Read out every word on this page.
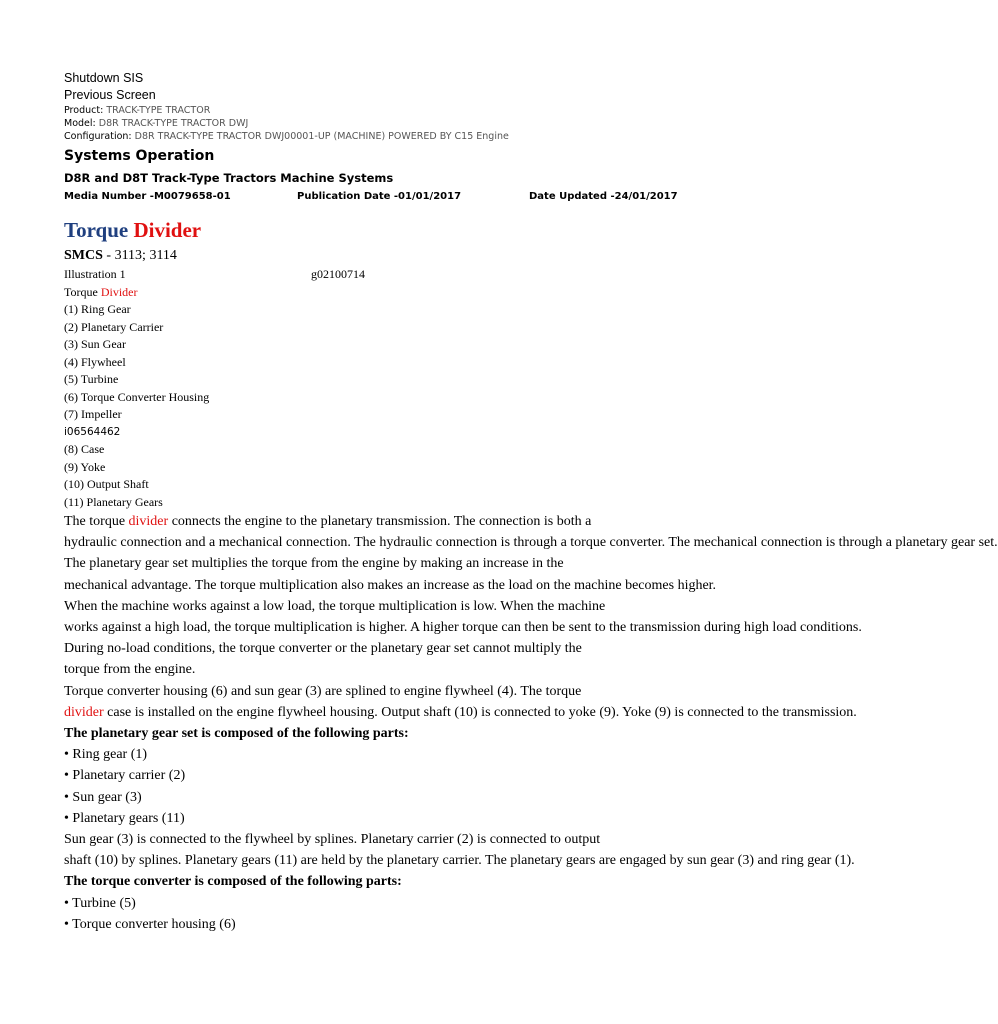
Shutdown SIS
Previous Screen
Product: TRACK-TYPE TRACTOR
Model: D8R TRACK-TYPE TRACTOR DWJ
Configuration: D8R TRACK-TYPE TRACTOR DWJ00001-UP (MACHINE) POWERED BY C15 Engine
Systems Operation
D8R and D8T Track-Type Tractors Machine Systems
Media Number -M0079658-01	Publication Date -01/01/2017	Date Updated -24/01/2017
Torque Divider
SMCS - 3113; 3114
Illustration 1	g02100714
Torque Divider
(1) Ring Gear
(2) Planetary Carrier
(3) Sun Gear
(4) Flywheel
(5) Turbine
(6) Torque Converter Housing
(7) Impeller
i06564462
(8) Case
(9) Yoke
(10) Output Shaft
(11) Planetary Gears
The torque divider connects the engine to the planetary transmission. The connection is both a
hydraulic connection and a mechanical connection. The hydraulic connection is through a torque converter. The mechanical connection is through a planetary gear set.
The planetary gear set multiplies the torque from the engine by making an increase in the
mechanical advantage. The torque multiplication also makes an increase as the load on the machine becomes higher.
When the machine works against a low load, the torque multiplication is low. When the machine
works against a high load, the torque multiplication is higher. A higher torque can then be sent to the transmission during high load conditions.
During no-load conditions, the torque converter or the planetary gear set cannot multiply the
torque from the engine.
Torque converter housing (6) and sun gear (3) are splined to engine flywheel (4). The torque
divider case is installed on the engine flywheel housing. Output shaft (10) is connected to yoke (9). Yoke (9) is connected to the transmission.
The planetary gear set is composed of the following parts:
• Ring gear (1)
• Planetary carrier (2)
• Sun gear (3)
• Planetary gears (11)
Sun gear (3) is connected to the flywheel by splines. Planetary carrier (2) is connected to output
shaft (10) by splines. Planetary gears (11) are held by the planetary carrier. The planetary gears are engaged by sun gear (3) and ring gear (1).
The torque converter is composed of the following parts:
• Turbine (5)
• Torque converter housing (6)
